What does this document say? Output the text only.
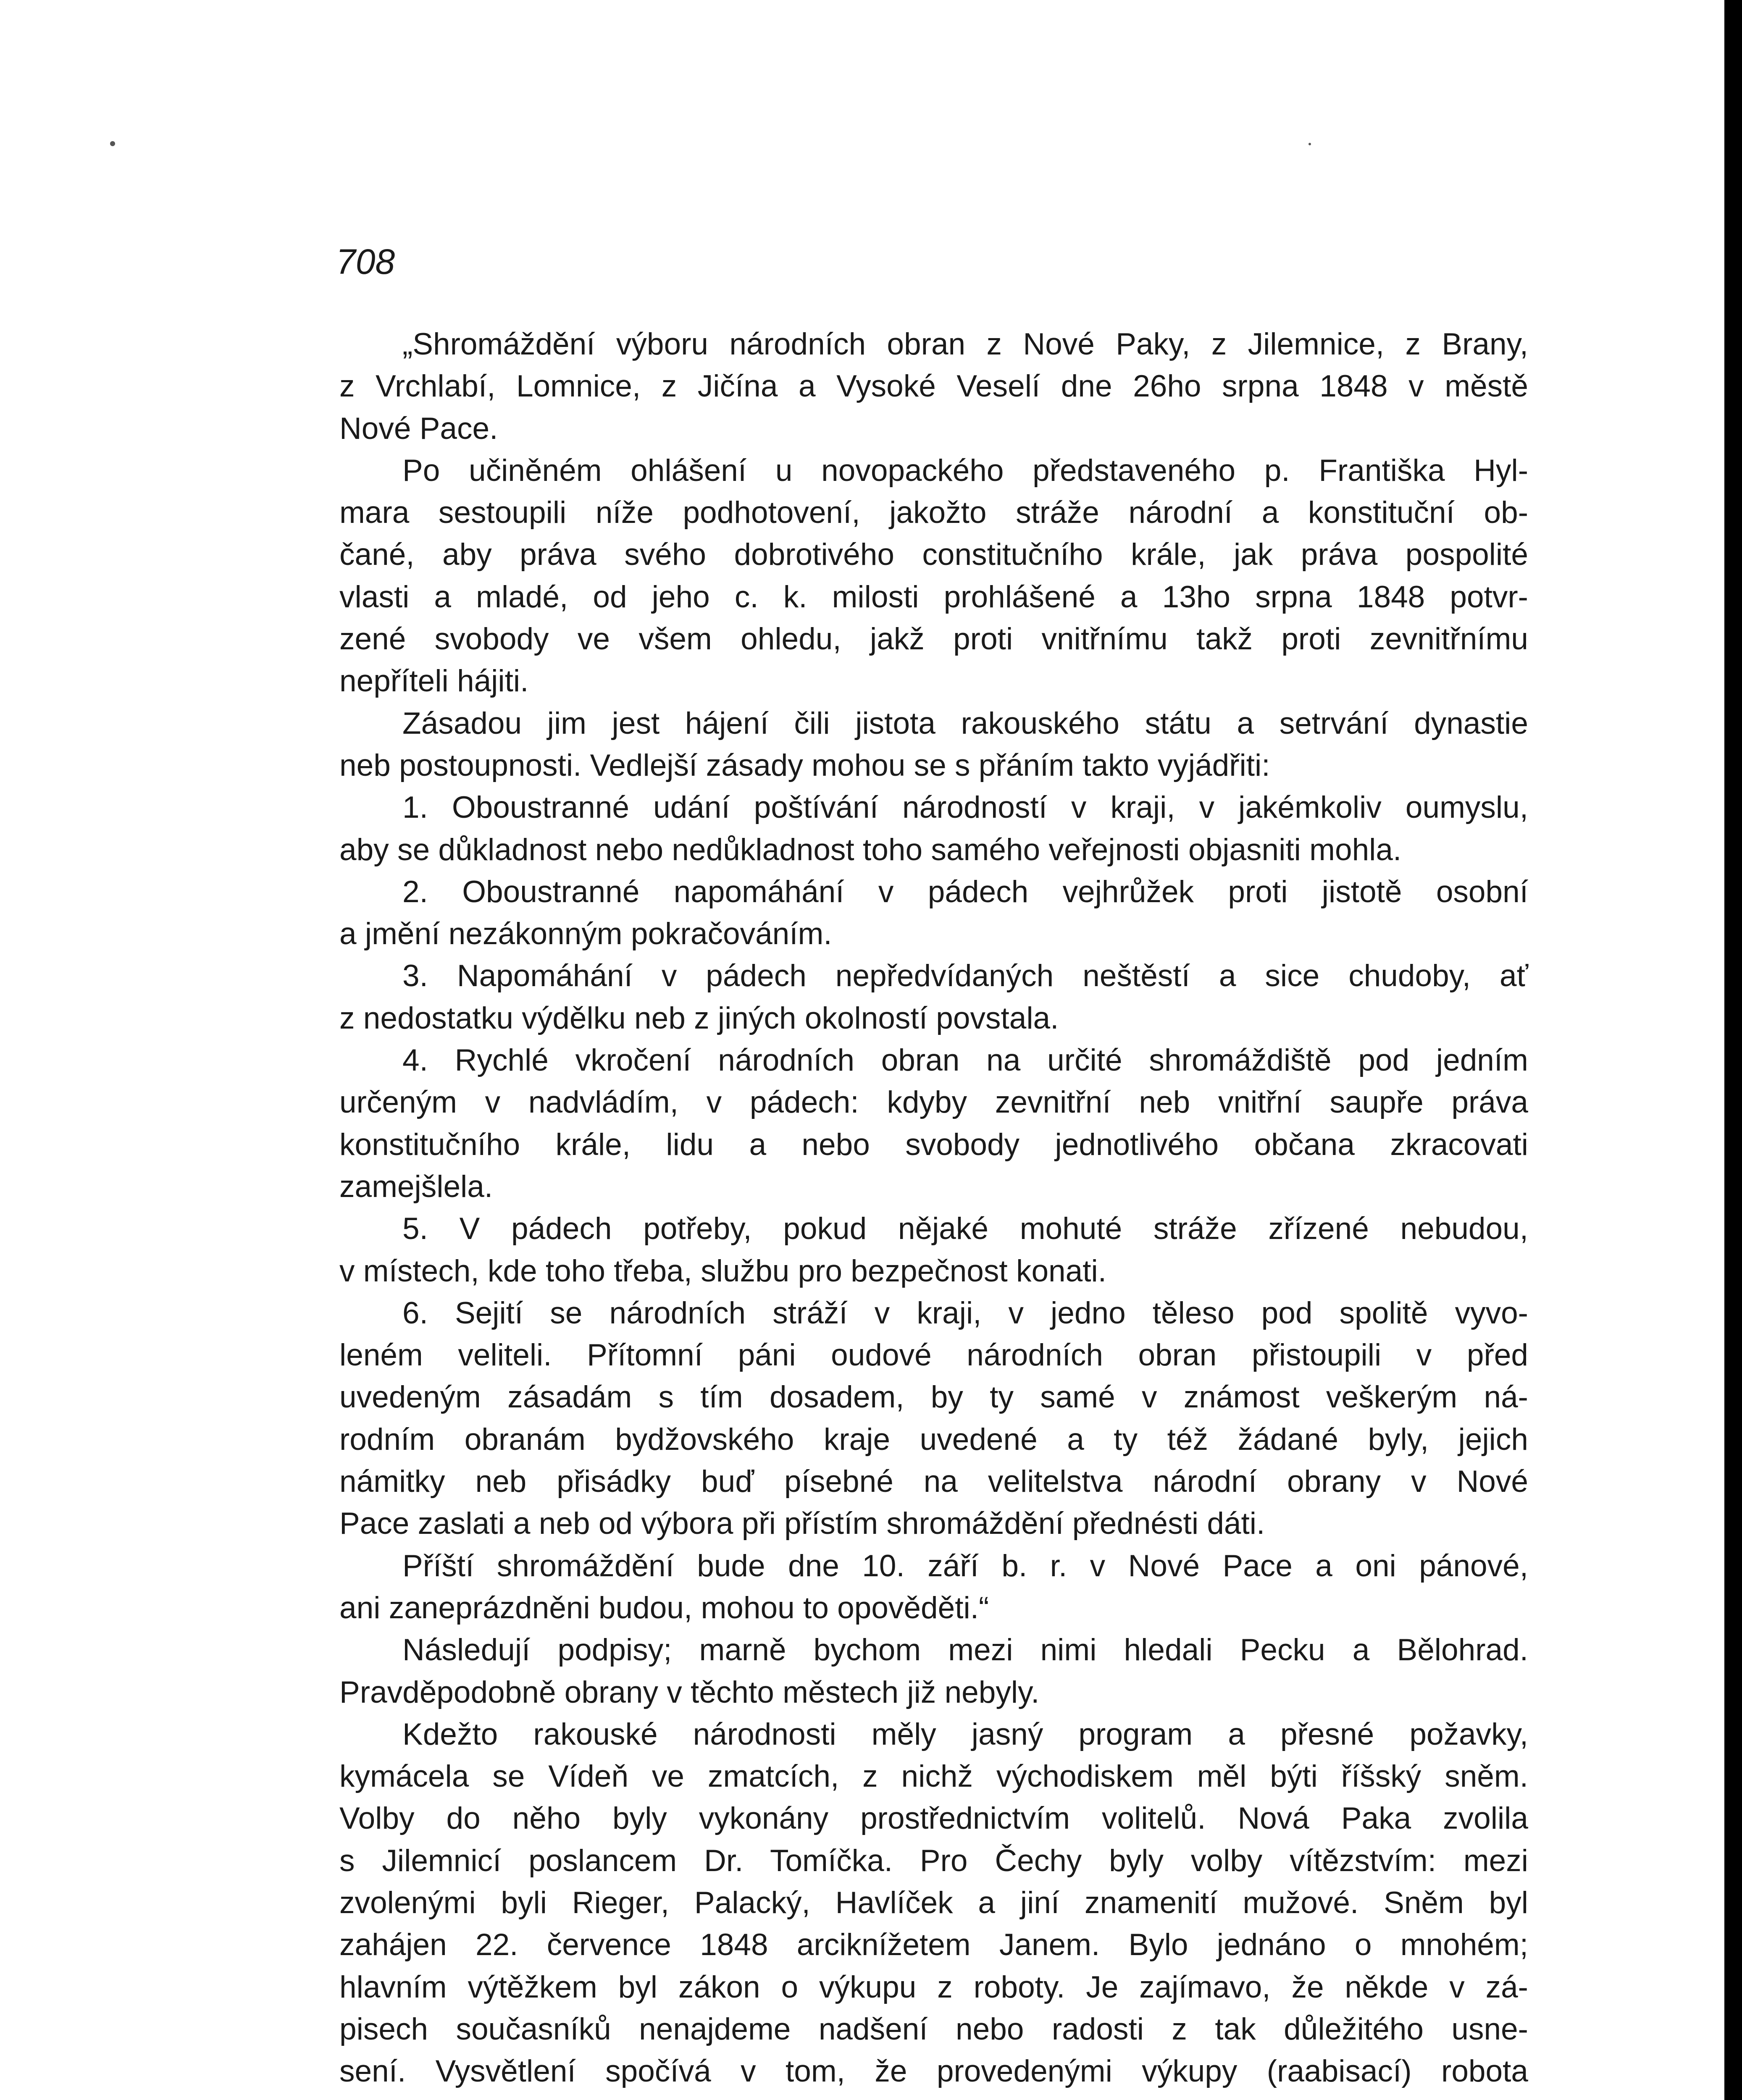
708
„Shromáždění výboru národních obran z Nové Paky, z Jilemnice, z Brany,
z Vrchlabí, Lomnice, z Jičína a Vysoké Veselí dne 26ho srpna 1848 v městě
Nové Pace.
Po učiněném ohlášení u novopackého představeného p. Františka Hyl-
mara sestoupili níže podhotovení, jakožto stráže národní a konstituční ob-
čané, aby práva svého dobrotivého constitučního krále, jak práva pospolité
vlasti a mladé, od jeho c. k. milosti prohlášené a 13ho srpna 1848 potvr-
zené svobody ve všem ohledu, jakž proti vnitřnímu takž proti zevnitřnímu
nepříteli hájiti.
Zásadou jim jest hájení čili jistota rakouského státu a setrvání dynastie
neb postoupnosti. Vedlejší zásady mohou se s přáním takto vyjádřiti:
1. Oboustranné udání poštívání národností v kraji, v jakémkoliv oumyslu,
aby se důkladnost nebo nedůkladnost toho samého veřejnosti objasniti mohla.
2. Oboustranné napomáhání v pádech vejhrůžek proti jistotě osobní
a jmění nezákonným pokračováním.
3. Napomáhání v pádech nepředvídaných neštěstí a sice chudoby, ať
z nedostatku výdělku neb z jiných okolností povstala.
4. Rychlé vkročení národních obran na určité shromáždiště pod jedním
určeným v nadvládím, v pádech: kdyby zevnitřní neb vnitřní saupře práva
konstitučního krále, lidu a nebo svobody jednotlivého občana zkracovati
zamejšlela.
5. V pádech potřeby, pokud nějaké mohuté stráže zřízené nebudou,
v místech, kde toho třeba, službu pro bezpečnost konati.
6. Sejití se národních stráží v kraji, v jedno těleso pod spolitě vyvo-
leném veliteli. Přítomní páni oudové národních obran přistoupili v před
uvedeným zásadám s tím dosadem, by ty samé v známost veškerým ná-
rodním obranám bydžovského kraje uvedené a ty též žádané byly, jejich
námitky neb přisádky buď písebné na velitelstva národní obrany v Nové
Pace zaslati a neb od výbora při přístím shromáždění přednésti dáti.
Příští shromáždění bude dne 10. září b. r. v Nové Pace a oni pánové,
ani zaneprázdněni budou, mohou to opověděti.“
Následují podpisy; marně bychom mezi nimi hledali Pecku a Bělohrad.
Pravděpodobně obrany v těchto městech již nebyly.
Kdežto rakouské národnosti měly jasný program a přesné požavky,
kymácela se Vídeň ve zmatcích, z nichž východiskem měl býti říšský sněm.
Volby do něho byly vykonány prostřednictvím volitelů. Nová Paka zvolila
s Jilemnicí poslancem Dr. Tomíčka. Pro Čechy byly volby vítězstvím: mezi
zvolenými byli Rieger, Palacký, Havlíček a jiní znamenití mužové. Sněm byl
zahájen 22. července 1848 arciknížetem Janem. Bylo jednáno o mnohém;
hlavním výtěžkem byl zákon o výkupu z roboty. Je zajímavo, že někde v zá-
pisech současníků nenajdeme nadšení nebo radosti z tak důležitého usne-
sení. Vysvětlení spočívá v tom, že provedenými výkupy (raabisací) robota
